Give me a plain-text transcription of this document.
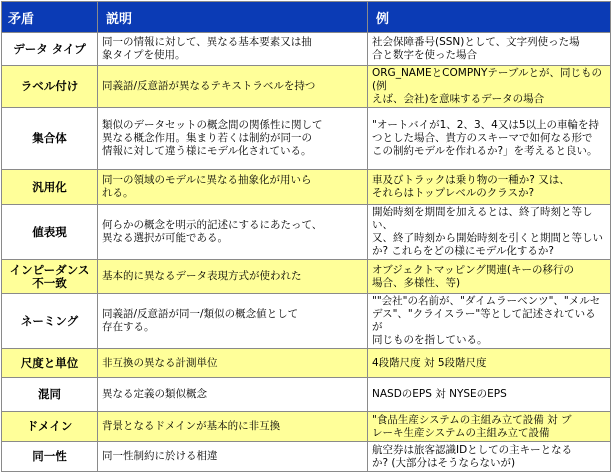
矛盾	説明	例

データ タイプ	同一の情報に対して、異なる基本要素又は抽
象タイプを使用。	社会保障番号(SSN)として、文字列使った場
合と数字を使った場合

ラベル付け	同義語/反意語が異なるテキストラベルを持つ	ORG_NAMEとCOMPNYテーブルとが、同じもの(例
えば、会社)を意味するデータの場合

集合体	類似のデータセットの概念間の関係性に関して
異なる概念作用。集まり若くは制約が同一の
情報に対して違う様にモデル化されている。	"オートバイが1、2、3、4又は5以上の車輪を持
つとした場合、貴方のスキーマで如何なる形で
この制約モデルを作れるか?」を考えると良い。

汎用化	同一の領域のモデルに異なる抽象化が用いら
れる。	車及びトラックは乗り物の一種か? 又は、
それらはトップレベルのクラスか?

値表現	何らかの概念を明示的記述にするにあたって、
異なる選択が可能である。	開始時刻を期間を加えるとは、終了時刻と等しい、
又、終了時刻から開始時刻を引くと期間と等しい
か? これらをどの様にモデル化するか?

インピーダンス
不一致	基本的に異なるデータ表現方式が使われた	オブジェクトマッピング関連(キーの移行の
場合、多様性、等)

ネーミング	同義語/反意語が同一/類似の概念値として
存在する。	""会社"の名前が、"ダイムラーベンツ"、"メルセ
デス"、"クライスラー"等として記述されているが
同じものを指している。

尺度と単位	非互換の異なる計測単位	4段階尺度 対 5段階尺度

混同	異なる定義の類似概念	NASDのEPS 対 NYSEのEPS

ドメイン	背景となるドメインが基本的に非互換	"食品生産システムの主組み立て設備 対 ブ
レーキ生産システムの主組み立て設備

同一性	同一性制約に於ける相違	航空券は旅客認識IDとしての主キーとなる
か? (大部分はそうならないが)
